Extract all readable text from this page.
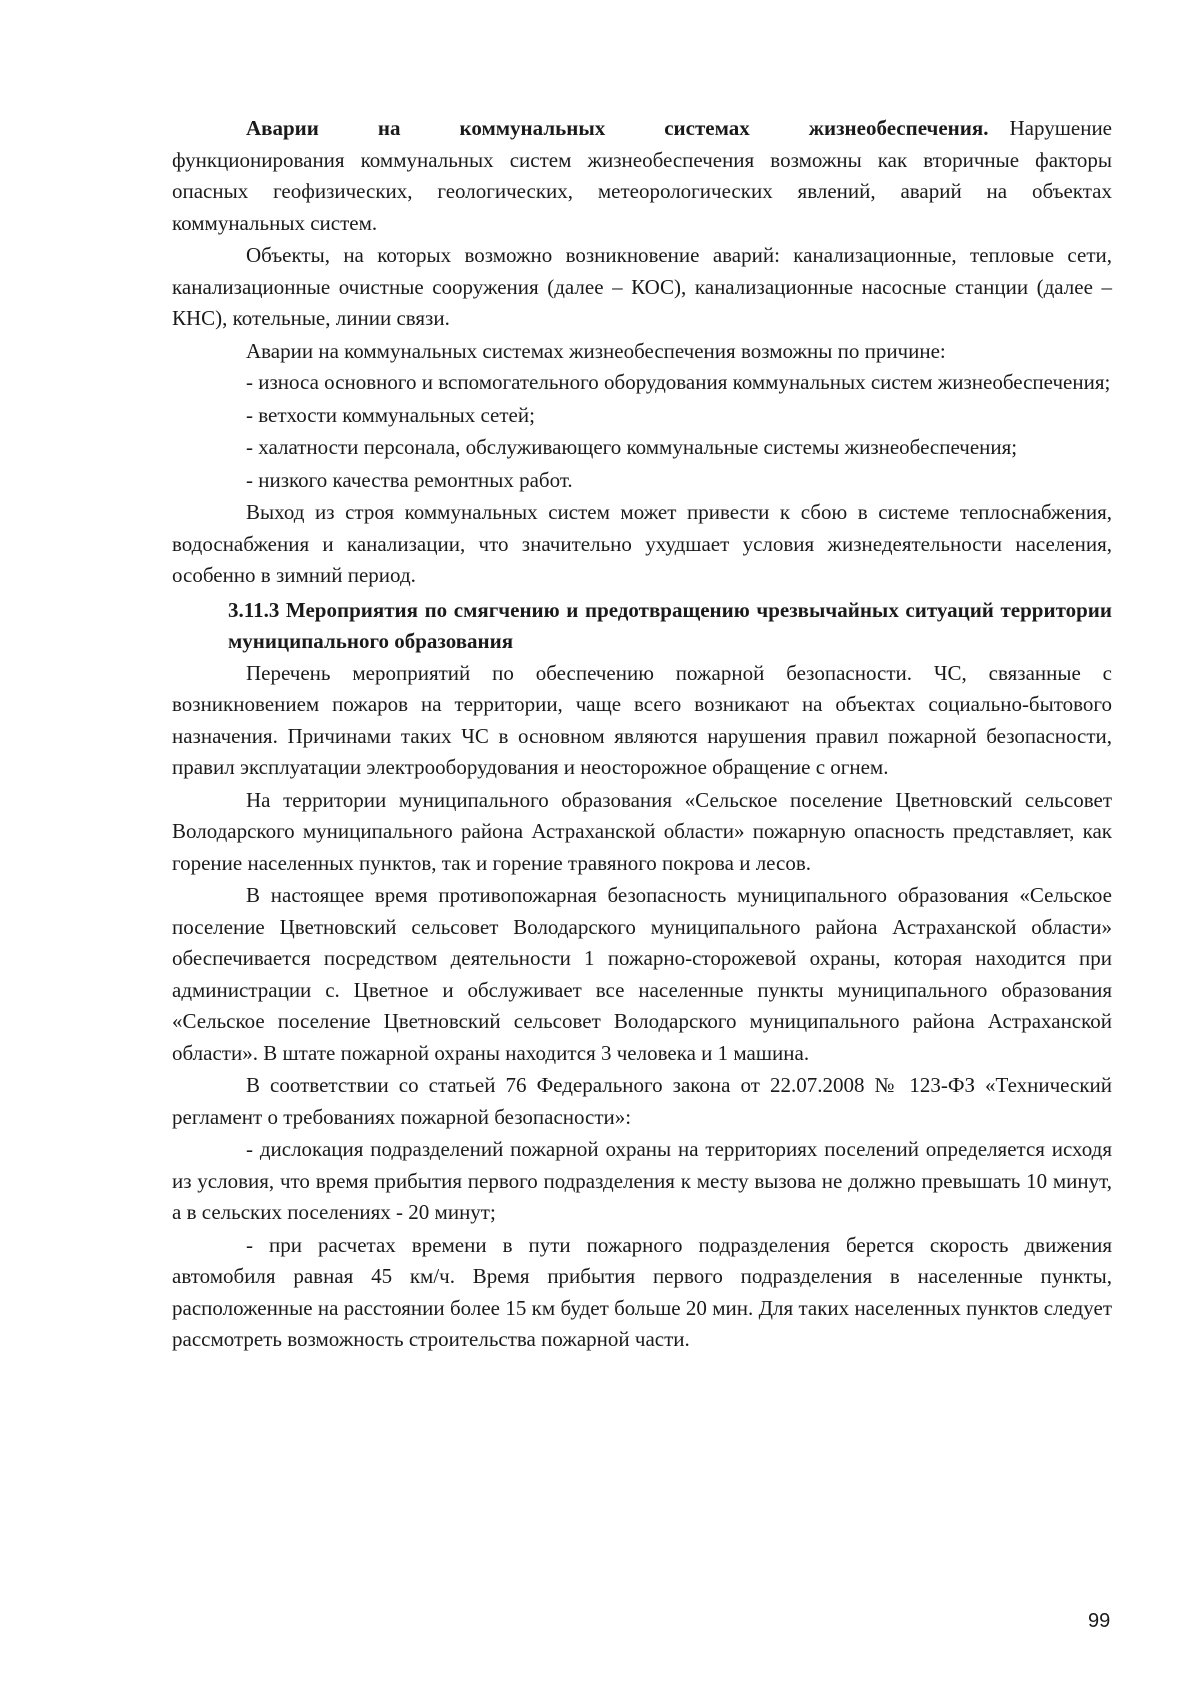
Аварии на коммунальных системах жизнеобеспечения. Нарушение функционирования коммунальных систем жизнеобеспечения возможны как вторичные факторы опасных геофизических, геологических, метеорологических явлений, аварий на объектах коммунальных систем.

Объекты, на которых возможно возникновение аварий: канализационные, тепловые сети, канализационные очистные сооружения (далее – КОС), канализационные насосные станции (далее – КНС), котельные, линии связи.

Аварии на коммунальных системах жизнеобеспечения возможны по причине:

- износа основного и вспомогательного оборудования коммунальных систем жизнеобеспечения;

- ветхости коммунальных сетей;

- халатности персонала, обслуживающего коммунальные системы жизнеобеспечения;

- низкого качества ремонтных работ.

Выход из строя коммунальных систем может привести к сбою в системе теплоснабжения, водоснабжения и канализации, что значительно ухудшает условия жизнедеятельности населения, особенно в зимний период.

3.11.3 Мероприятия по смягчению и предотвращению чрезвычайных ситуаций территории муниципального образования

Перечень мероприятий по обеспечению пожарной безопасности. ЧС, связанные с возникновением пожаров на территории, чаще всего возникают на объектах социально-бытового назначения. Причинами таких ЧС в основном являются нарушения правил пожарной безопасности, правил эксплуатации электрооборудования и неосторожное обращение с огнем.

На территории муниципального образования «Сельское поселение Цветновский сельсовет Володарского муниципального района Астраханской области» пожарную опасность представляет, как горение населенных пунктов, так и горение травяного покрова и лесов.

В настоящее время противопожарная безопасность муниципального образования «Сельское поселение Цветновский сельсовет Володарского муниципального района Астраханской области» обеспечивается посредством деятельности 1 пожарно-сторожевой охраны, которая находится при администрации с. Цветное и обслуживает все населенные пункты муниципального образования «Сельское поселение Цветновский сельсовет Володарского муниципального района Астраханской области». В штате пожарной охраны находится 3 человека и 1 машина.

В соответствии со статьей 76 Федерального закона от 22.07.2008 № 123-ФЗ «Технический регламент о требованиях пожарной безопасности»:

- дислокация подразделений пожарной охраны на территориях поселений определяется исходя из условия, что время прибытия первого подразделения к месту вызова не должно превышать 10 минут, а в сельских поселениях - 20 минут;

- при расчетах времени в пути пожарного подразделения берется скорость движения автомобиля равная 45 км/ч. Время прибытия первого подразделения в населенные пункты, расположенные на расстоянии более 15 км будет больше 20 мин. Для таких населенных пунктов следует рассмотреть возможность строительства пожарной части.

99
